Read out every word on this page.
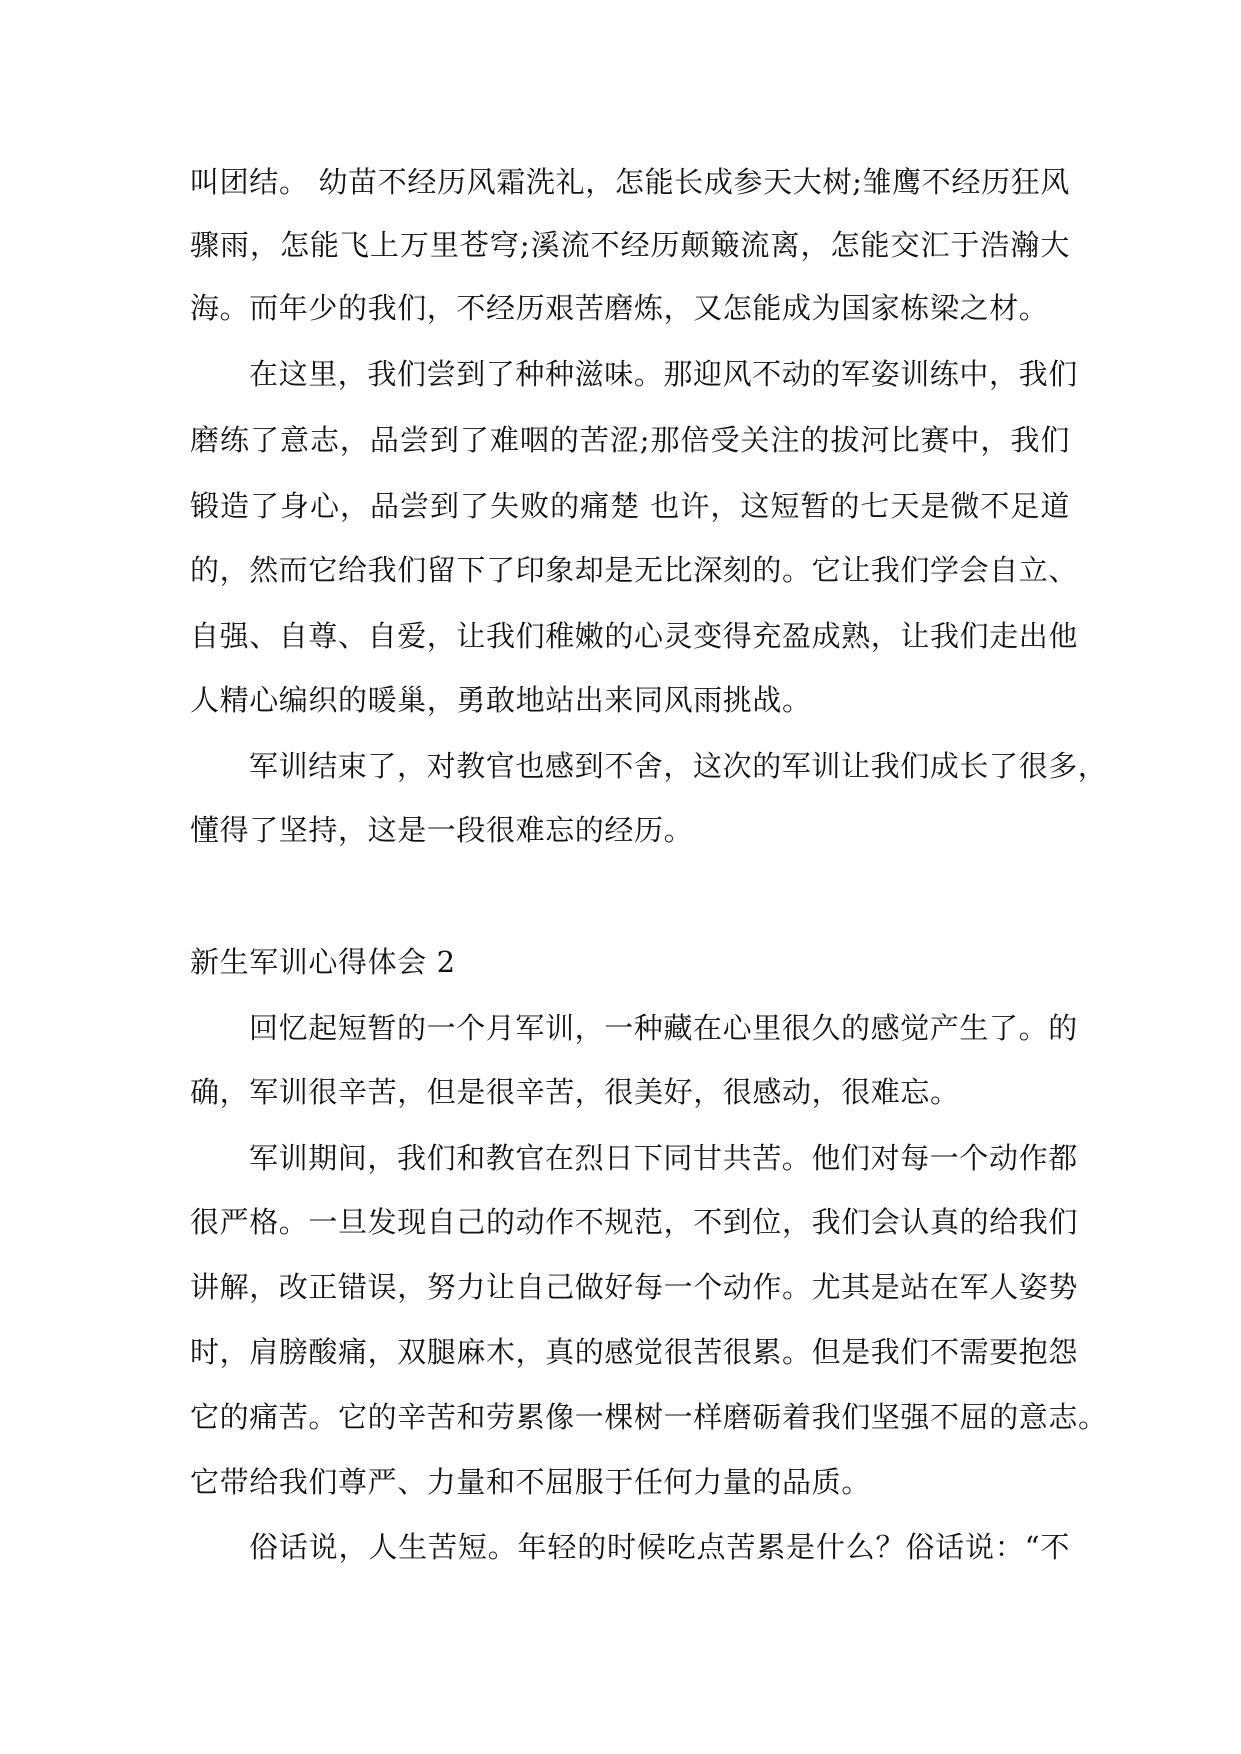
叫团结。 幼苗不经历风霜洗礼，怎能长成参天大树;雏鹰不经历狂风
骤雨，怎能飞上万里苍穹;溪流不经历颠簸流离，怎能交汇于浩瀚大
海。而年少的我们，不经历艰苦磨炼，又怎能成为国家栋梁之材。
在这里，我们尝到了种种滋味。那迎风不动的军姿训练中，我们
磨练了意志，品尝到了难咽的苦涩;那倍受关注的拔河比赛中，我们
锻造了身心，品尝到了失败的痛楚 也许，这短暂的七天是微不足道
的，然而它给我们留下了印象却是无比深刻的。它让我们学会自立、
自强、自尊、自爱，让我们稚嫩的心灵变得充盈成熟，让我们走出他
人精心编织的暖巢，勇敢地站出来同风雨挑战。
军训结束了，对教官也感到不舍，这次的军训让我们成长了很多，
懂得了坚持，这是一段很难忘的经历。
新生军训心得体会 2
回忆起短暂的一个月军训，一种藏在心里很久的感觉产生了。的
确，军训很辛苦，但是很辛苦，很美好，很感动，很难忘。
军训期间，我们和教官在烈日下同甘共苦。他们对每一个动作都
很严格。一旦发现自己的动作不规范，不到位，我们会认真的给我们
讲解，改正错误，努力让自己做好每一个动作。尤其是站在军人姿势
时，肩膀酸痛，双腿麻木，真的感觉很苦很累。但是我们不需要抱怨
它的痛苦。它的辛苦和劳累像一棵树一样磨砺着我们坚强不屈的意志。
它带给我们尊严、力量和不屈服于任何力量的品质。
俗话说，人生苦短。年轻的时候吃点苦累是什么？俗话说：“不
